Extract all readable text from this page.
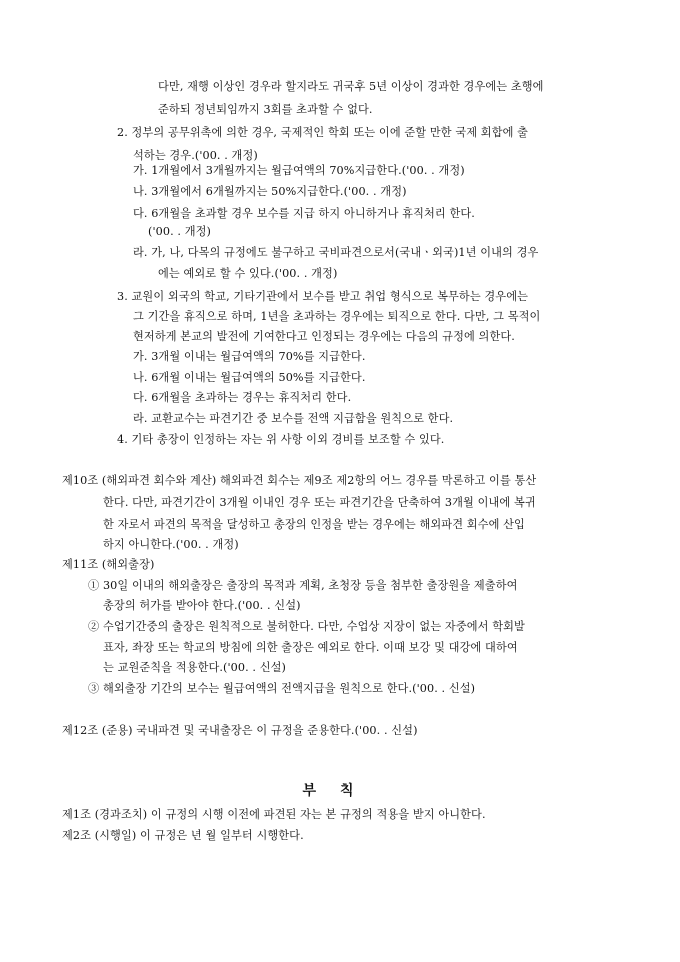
다만, 재행 이상인 경우라 할지라도 귀국후 5년 이상이 경과한 경우에는 초행에
준하되 정년퇴임까지 3회를 초과할 수 없다.
2. 정부의 공무위촉에 의한 경우, 국제적인 학회 또는 이에 준할 만한 국제 회합에 출
석하는 경우.('00. . 개정)
가. 1개월에서 3개월까지는 월급여액의 70%지급한다.('00. . 개정)
나. 3개월에서 6개월까지는 50%지급한다.('00. . 개정)
다. 6개월을 초과할 경우 보수를 지급 하지 아니하거나 휴직처리 한다.
('00. . 개정)
라. 가, 나, 다목의 규정에도 불구하고 국비파견으로서(국내ㆍ외국)1년 이내의 경우
에는 예외로 할 수 있다.('00. . 개정)
3. 교원이 외국의 학교, 기타기관에서 보수를 받고 취업 형식으로 복무하는 경우에는
그 기간을 휴직으로 하며, 1년을 초과하는 경우에는 퇴직으로 한다. 다만, 그 목적이
현저하게 본교의 발전에 기여한다고 인정되는 경우에는 다음의 규정에 의한다.
가. 3개월 이내는 월급여액의 70%를 지급한다.
나. 6개월 이내는 월급여액의 50%를 지급한다.
다. 6개월을 초과하는 경우는 휴직처리 한다.
라. 교환교수는 파견기간 중 보수를 전액 지급함을 원칙으로 한다.
4. 기타 총장이 인정하는 자는 위 사항 이외 경비를 보조할 수 있다.
제10조 (해외파견 회수와 계산) 해외파견 회수는 제9조 제2항의 어느 경우를 막론하고 이를 통산
한다. 다만, 파견기간이 3개월 이내인 경우 또는 파견기간을 단축하여 3개월 이내에 복귀
한 자로서 파견의 목적을 달성하고 총장의 인정을 받는 경우에는 해외파견 회수에 산입
하지 아니한다.('00. . 개정)
제11조 (해외출장)
① 30일 이내의 해외출장은 출장의 목적과 계획, 초청장 등을 첨부한 출장원을 제출하여
총장의 허가를 받아야 한다.('00. . 신설)
② 수업기간중의 출장은 원칙적으로 불허한다. 다만, 수업상 지장이 없는 자중에서 학회발
표자, 좌장 또는 학교의 방침에 의한 출장은 예외로 한다. 이때 보강 및 대강에 대하여
는 교원준칙을 적용한다.('00. . 신설)
③ 해외출장 기간의 보수는 월급여액의 전액지급을 원칙으로 한다.('00. . 신설)
제12조 (준용) 국내파견 및 국내출장은 이 규정을 준용한다.('00. . 신설)
부칙
제1조 (경과조치) 이 규정의 시행 이전에 파견된 자는 본 규정의 적용을 받지 아니한다.
제2조 (시행일) 이 규정은 년 월 일부터 시행한다.
